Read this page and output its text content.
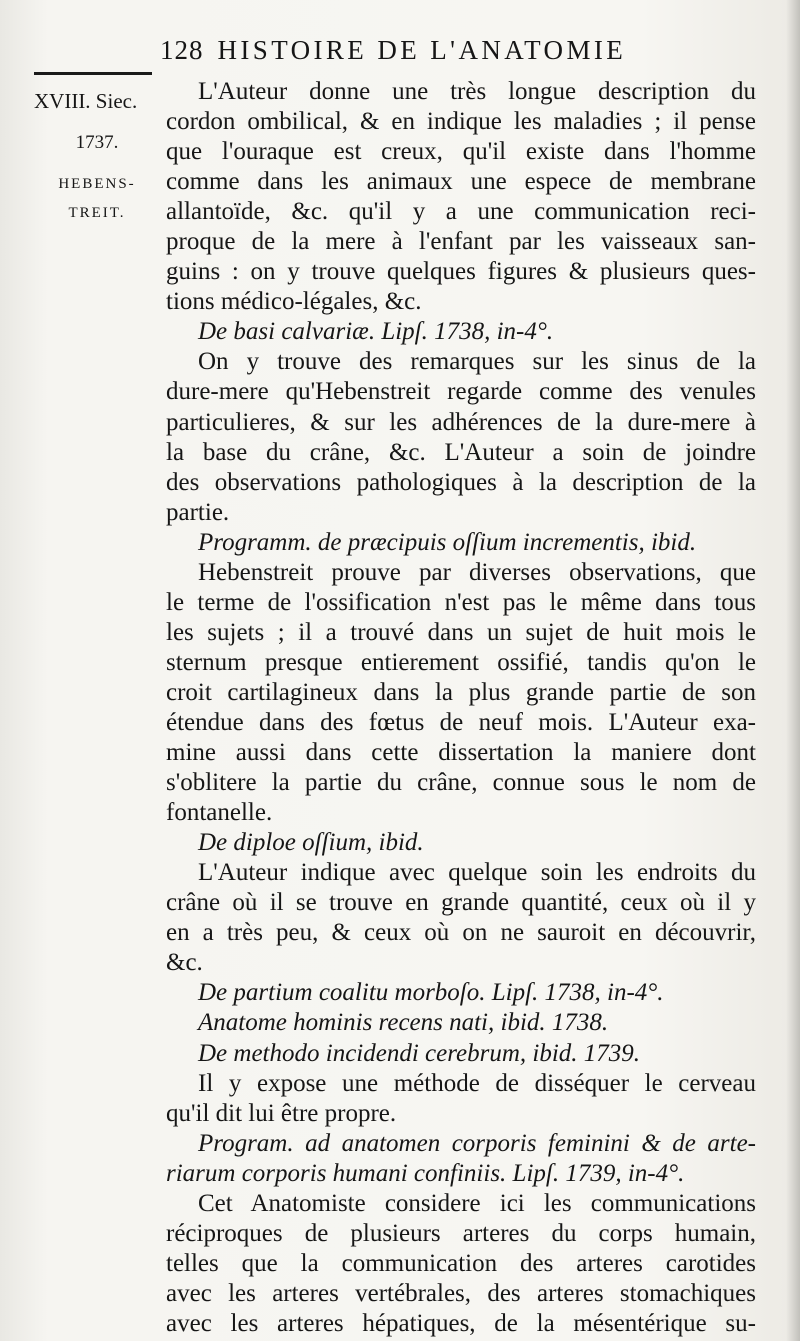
128 HISTOIRE DE L'ANATOMIE
XVIII. Siec.
1737.
HEBENS-
TREIT.
L'Auteur donne une très longue description du
cordon ombilical, & en indique les maladies ; il pense
que l'ouraque est creux, qu'il existe dans l'homme
comme dans les animaux une espece de membrane
allantoïde, &c. qu'il y a une communication reci-
proque de la mere à l'enfant par les vaisseaux san-
guins : on y trouve quelques figures & plusieurs ques-
tions médico-légales, &c.
De basi calvariæ. Lipſ. 1738, in-4°.
On y trouve des remarques sur les sinus de la
dure-mere qu'Hebenstreit regarde comme des venules
particulieres, & sur les adhérences de la dure-mere à
la base du crâne, &c. L'Auteur a soin de joindre
des observations pathologiques à la description de la
partie.
Programm. de præcipuis oſſium incrementis, ibid.
Hebenstreit prouve par diverses observations, que
le terme de l'ossification n'est pas le même dans tous
les sujets ; il a trouvé dans un sujet de huit mois le
sternum presque entierement ossifié, tandis qu'on le
croit cartilagineux dans la plus grande partie de son
étendue dans des fœtus de neuf mois. L'Auteur exa-
mine aussi dans cette dissertation la maniere dont
s'oblitere la partie du crâne, connue sous le nom de
fontanelle.
De diploe oſſium, ibid.
L'Auteur indique avec quelque soin les endroits du
crâne où il se trouve en grande quantité, ceux où il y
en a très peu, & ceux où on ne sauroit en découvrir,
&c.
De partium coalitu morboſo. Lipſ. 1738, in-4°.
Anatome hominis recens nati, ibid. 1738.
De methodo incidendi cerebrum, ibid. 1739.
Il y expose une méthode de disséquer le cerveau
qu'il dit lui être propre.
Program. ad anatomen corporis feminini & de arte-
riarum corporis humani confiniis. Lipſ. 1739, in-4°.
Cet Anatomiste considere ici les communications
réciproques de plusieurs arteres du corps humain,
telles que la communication des arteres carotides
avec les arteres vertébrales, des arteres stomachiques
avec les arteres hépatiques, de la mésentérique su-
